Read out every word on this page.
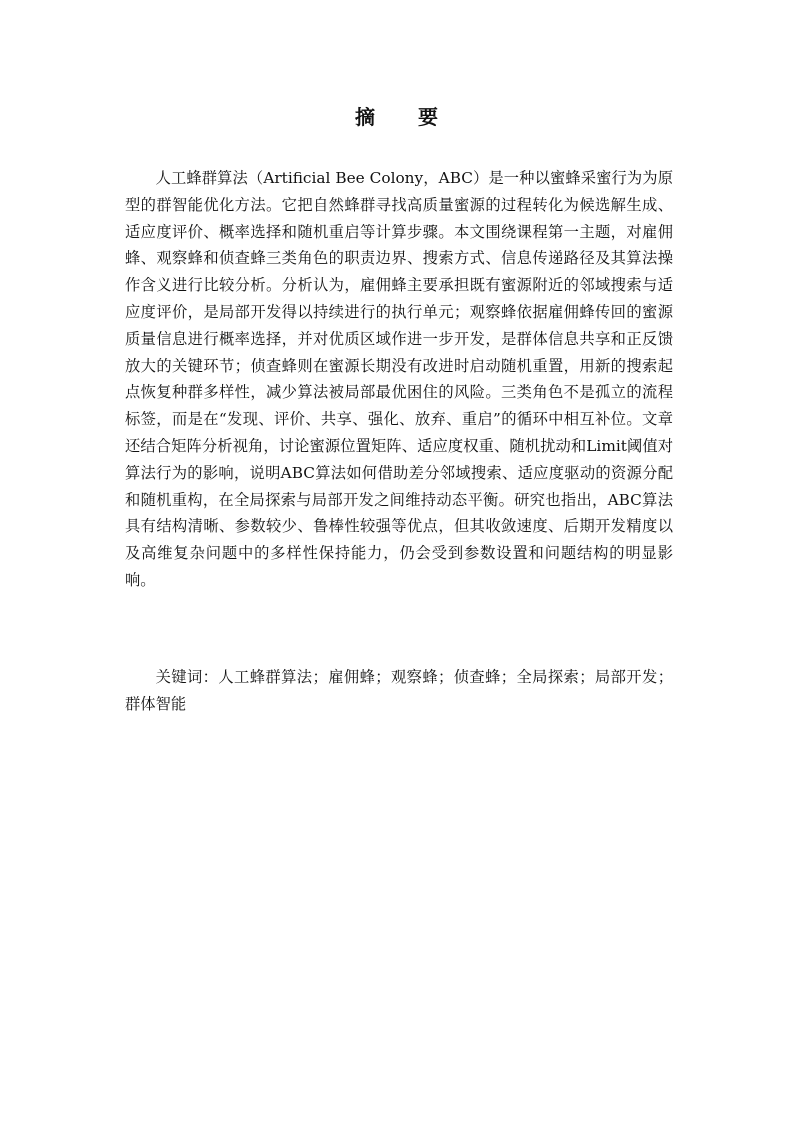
摘 要

人工蜂群算法（Artificial Bee Colony，ABC）是一种以蜜蜂采蜜行为为原型的群智能优化方法。它把自然蜂群寻找高质量蜜源的过程转化为候选解生成、适应度评价、概率选择和随机重启等计算步骤。本文围绕课程第一主题，对雇佣蜂、观察蜂和侦查蜂三类角色的职责边界、搜索方式、信息传递路径及其算法操作含义进行比较分析。分析认为，雇佣蜂主要承担既有蜜源附近的邻域搜索与适应度评价，是局部开发得以持续进行的执行单元；观察蜂依据雇佣蜂传回的蜜源质量信息进行概率选择，并对优质区域作进一步开发，是群体信息共享和正反馈放大的关键环节；侦查蜂则在蜜源长期没有改进时启动随机重置，用新的搜索起点恢复种群多样性，减少算法被局部最优困住的风险。三类角色不是孤立的流程标签，而是在“发现、评价、共享、强化、放弃、重启”的循环中相互补位。文章还结合矩阵分析视角，讨论蜜源位置矩阵、适应度权重、随机扰动和Limit阈值对算法行为的影响，说明ABC算法如何借助差分邻域搜索、适应度驱动的资源分配和随机重构，在全局探索与局部开发之间维持动态平衡。研究也指出，ABC算法具有结构清晰、参数较少、鲁棒性较强等优点，但其收敛速度、后期开发精度以及高维复杂问题中的多样性保持能力，仍会受到参数设置和问题结构的明显影响。

关键词：人工蜂群算法；雇佣蜂；观察蜂；侦查蜂；全局探索；局部开发；群体智能
